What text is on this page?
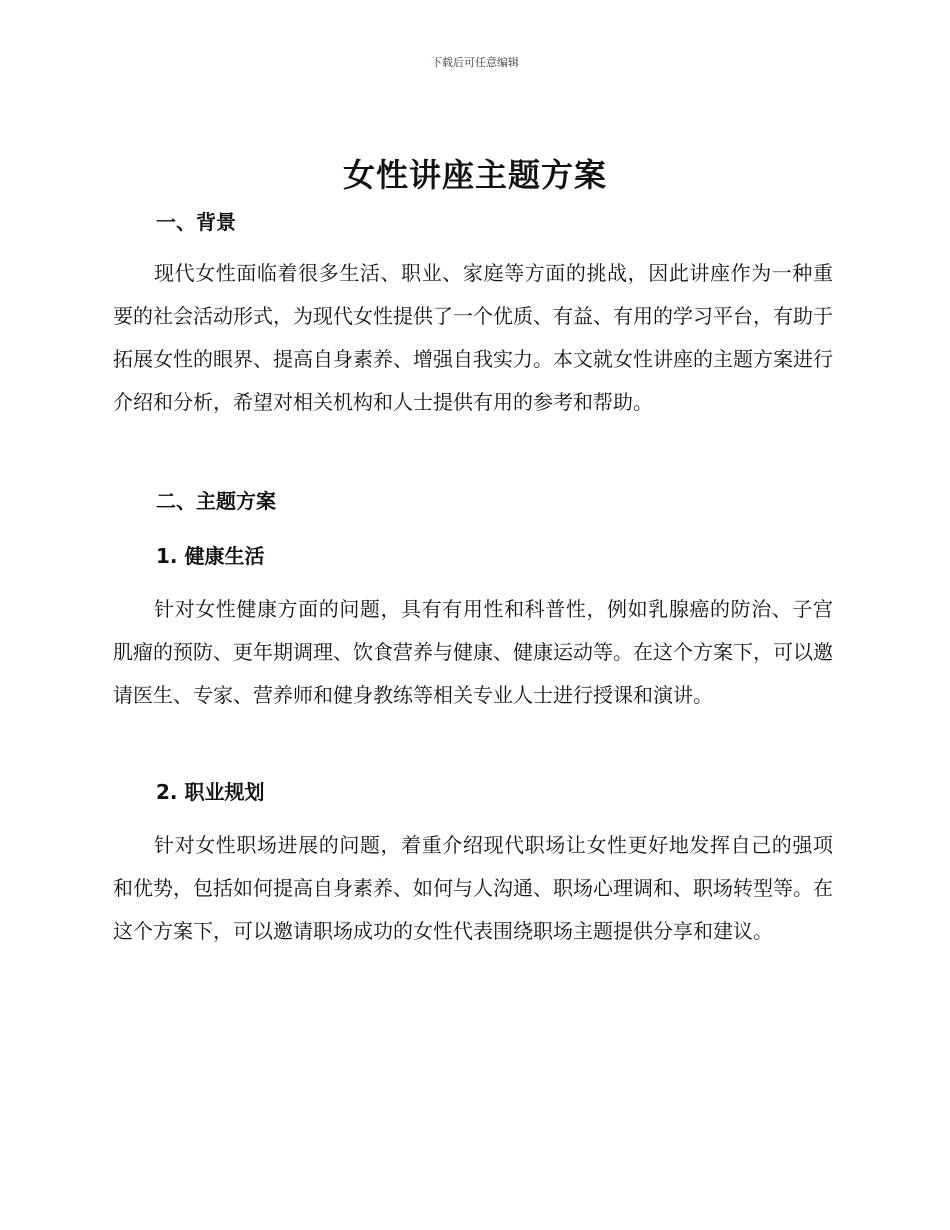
下载后可任意编辑
女性讲座主题方案
一、背景
现代女性面临着很多生活、职业、家庭等方面的挑战，因此讲座作为一种重要的社会活动形式，为现代女性提供了一个优质、有益、有用的学习平台，有助于拓展女性的眼界、提高自身素养、增强自我实力。本文就女性讲座的主题方案进行介绍和分析，希望对相关机构和人士提供有用的参考和帮助。
二、主题方案
1. 健康生活
针对女性健康方面的问题，具有有用性和科普性，例如乳腺癌的防治、子宫肌瘤的预防、更年期调理、饮食营养与健康、健康运动等。在这个方案下，可以邀请医生、专家、营养师和健身教练等相关专业人士进行授课和演讲。
2. 职业规划
针对女性职场进展的问题，着重介绍现代职场让女性更好地发挥自己的强项和优势，包括如何提高自身素养、如何与人沟通、职场心理调和、职场转型等。在这个方案下，可以邀请职场成功的女性代表围绕职场主题提供分享和建议。
